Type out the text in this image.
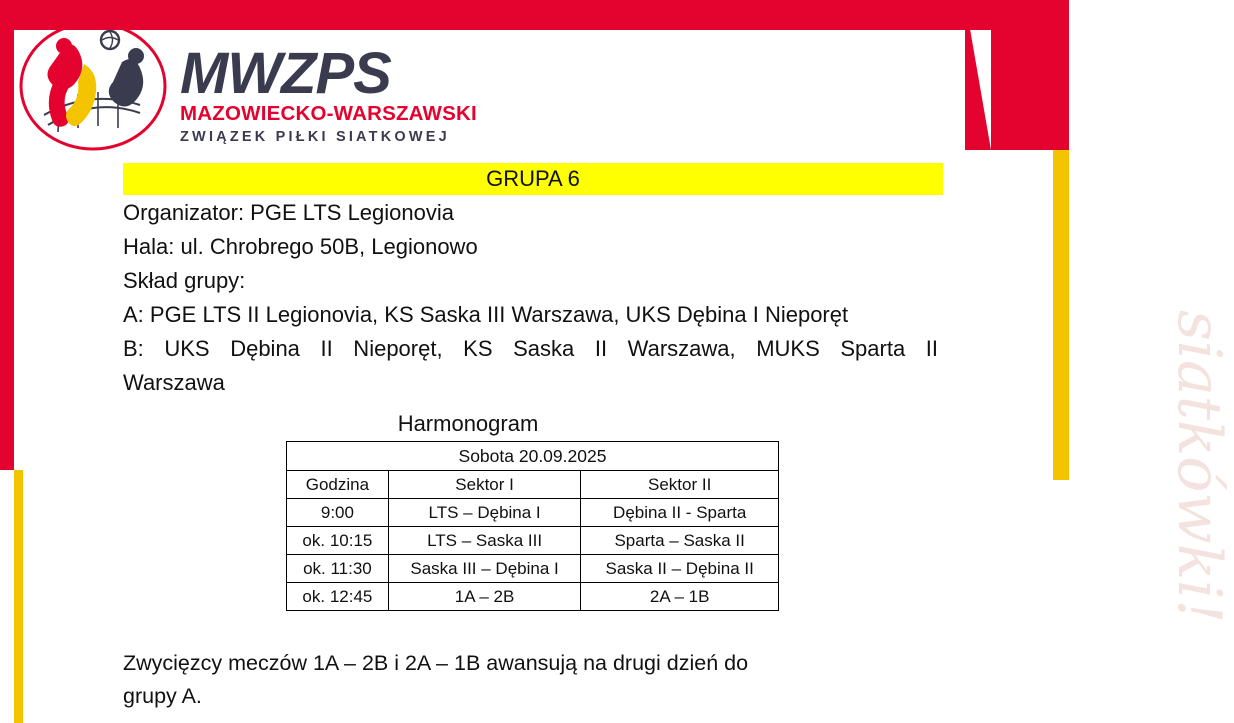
siatkówki!
MWZPS
MAZOWIECKO-WARSZAWSKI
ZWIĄZEK PIŁKI SIATKOWEJ
GRUPA 6
Organizator: PGE LTS Legionovia
Hala: ul. Chrobrego 50B, Legionowo
Skład grupy:
A: PGE LTS II Legionovia, KS Saska III Warszawa, UKS Dębina I Nieporęt
B: UKS Dębina II Nieporęt, KS Saska II Warszawa, MUKS Sparta II
Warszawa
Harmonogram
Sobota 20.09.2025		
Godzina	Sektor I	Sektor II
9:00	LTS – Dębina I	Dębina II - Sparta
ok. 10:15	LTS – Saska III	Sparta – Saska II
ok. 11:30	Saska III – Dębina I	Saska II – Dębina II
ok. 12:45	1A – 2B	2A – 1B
Zwycięzcy meczów 1A – 2B i 2A – 1B awansują na drugi dzień do
grupy A.
